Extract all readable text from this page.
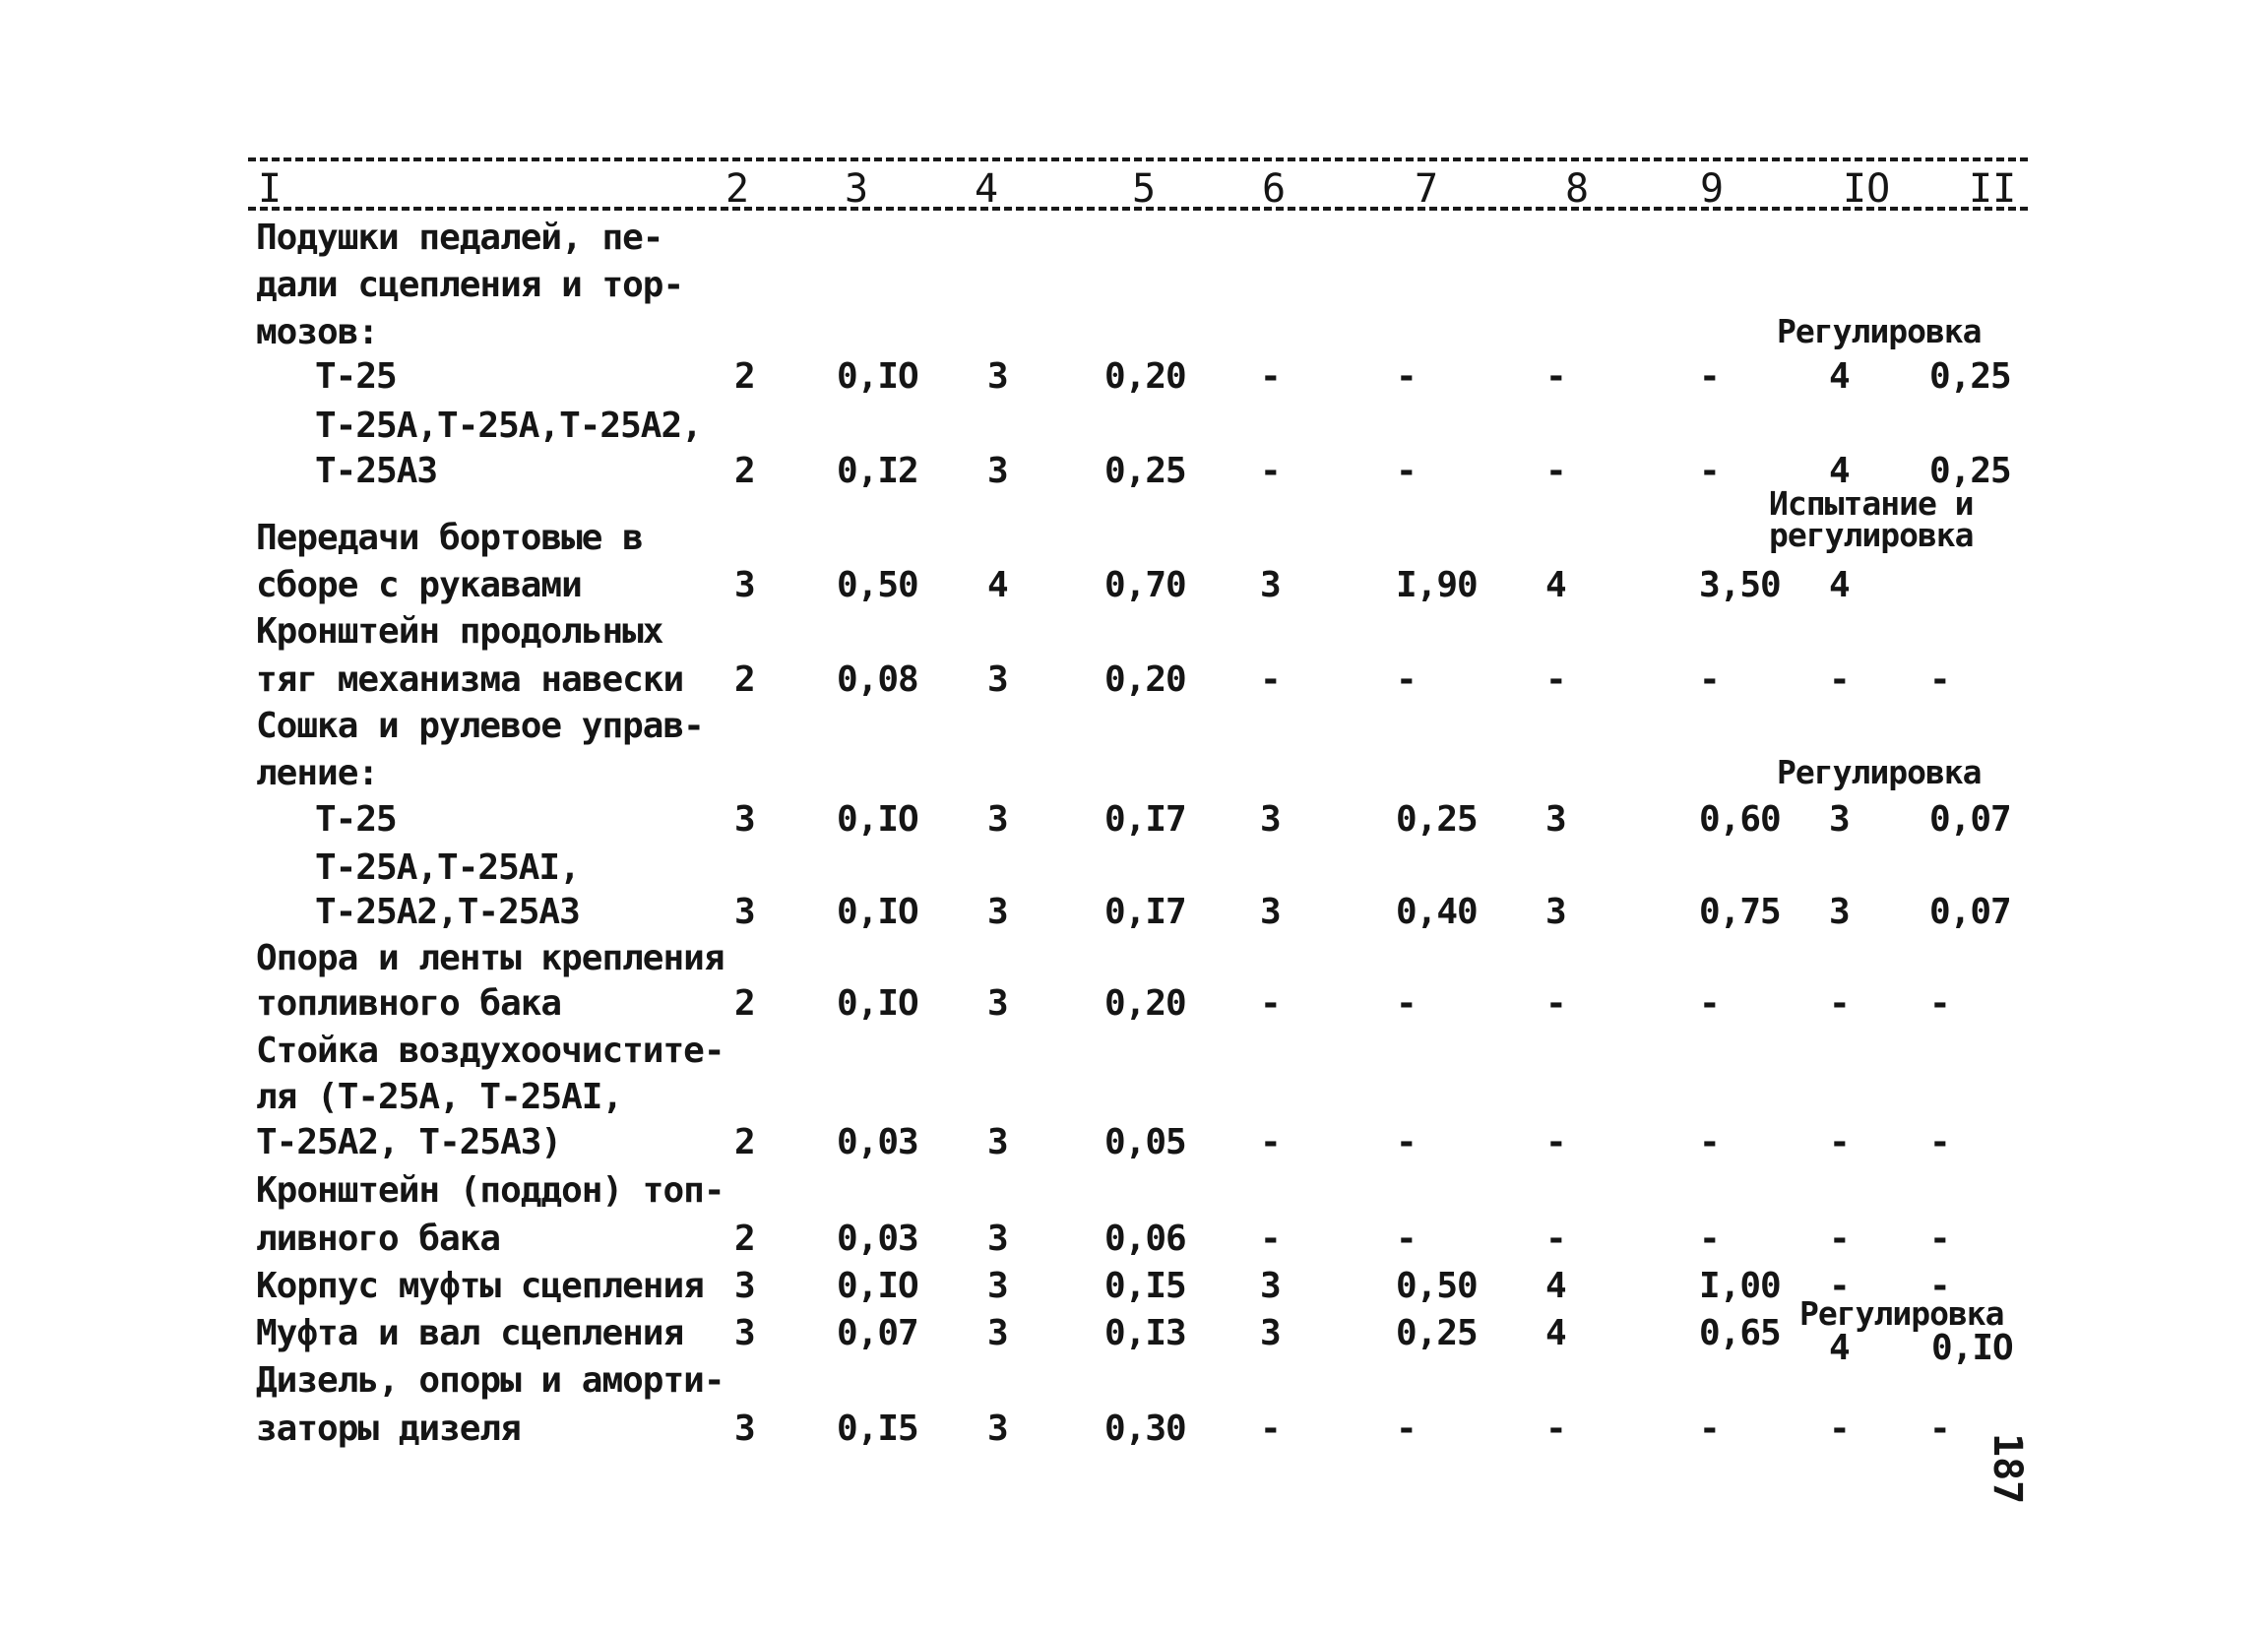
I	2 3	4	5	6	7	8	9	IO II
Подушки педалей, пе-
дали сцепления и тор-
мозов:	Регулировка
Т-25	2 0,IO 3	0,20 -	-	-	-	4 0,25
Т-25А,Т-25А,Т-25А2,
Т-25А3	2 0,I2 3	0,25 -	-	-	-	4 0,25
Испытание и
регулировка
Передачи бортовые в
сборе с рукавами	3 0,50 4	0,70 3	I,90 4	3,50 4
Кронштейн продольных
тяг механизма навески 2 0,08 3	0,20 -	-	-	-	- -
Сошка и рулевое управ-
ление:	Регулировка
Т-25	3 0,IO 3	0,I7 3	0,25 3	0,60 3 0,07
Т-25А,Т-25АI,
Т-25А2,Т-25А3	3 0,IO 3	0,I7 3	0,40 3	0,75 3 0,07
Опора и ленты крепления
топливного бака	2 0,IO 3	0,20 -	-	-	-	- -
Стойка воздухоочистите-
ля (Т-25А, Т-25АI,
Т-25А2, Т-25А3)	2 0,03 3	0,05 -	-	-	-	- -
Кронштейн (поддон) топ-
ливного бака	2 0,03 3	0,06 -	-	-	-	- -
Корпус муфты сцепления 3 0,IO 3	0,I5 3	0,50 4	I,00 - -
Регулировка
Муфта и вал сцепления 3 0,07 3	0,I3 3	0,25 4	0,65 4 0,IO
Дизель, опоры и аморти-
заторы дизеля	3 0,I5 3	0,30 -	-	-	-	- -
187
